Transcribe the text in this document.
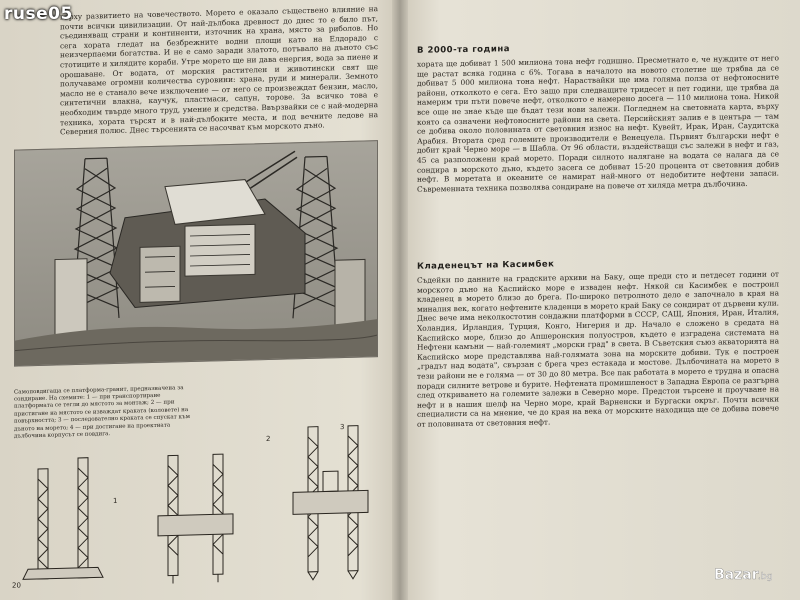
върху развитието на човечеството. Морето е оказало съществено влияние на почти всички цивилизации. От най-дълбока древност до днес то е било път, съединяващ страни и континенти, източник на храна, място за риболов. Но сега хората гледат на безбрежните водни площи като на Елдорадо с неизчерпаеми богатства. И не е само заради златото, потъвало на дъното със стотиците и хилядите кораби. Утре морето ще ни дава енергия, вода за пиене и орошаване. От водата, от морския растителен и животински свят ще получаваме огромни количества суровини: храна, руди и минерали. Земното масло не е станало вече изключение — от него се произвеждат бензин, масло, синтетични влакна, каучук, пластмаси, сапун, торове. За всичко това е необходим твърде много труд, умение и средства. Ввързвайки се с най-модерна техника, хората търсят и в най-дълбоките места, и под вечните ледове на Северния полюс. Днес търсенията се насочват към морското дъно.

Самоповдигаща се платформа-гранит, предназначена за сондиране. На схемите: 1 — при транспортиране платформата се тегли до мястото за монтаж; 2 — при пристигане на мястото се изваждат краката (коловете) на повърхността; 3 — последователно краката се спускат към дъното на морето; 4 — при достигане на проектната дълбочина корпусът се повдига.

1
2
3
20

В 2000-та година

хората ще добиват 1 500 милиона тона нефт годишно. Пресметнато е, че нуждите от него ще растат всяка година с 6%. Тогава в началото на новото столетие ще трябва да се добиват 5 000 милиона тона нефт. Нараствайки ще има голяма полза от нефтоносните райони, отколкото е сега. Ето защо при следващите тридесет и пет години, ще трябва да намерим три пъти повече нефт, отколкото е намерено досега — 110 милиона тона. Никой все още не знае къде ще бъдат тези нови залежи. Погледнем на световната карта, върху която са означени нефтоносните райони на света. Персийският залив е в центъра — там се добива около половината от световния износ на нефт. Кувейт, Ирак, Иран, Саудитска Арабия. Втората сред големите производители е Венецуела. Първият български нефт е добит край Черно море — в Шабла. От 96 области, въздействащи със залежи в нефт и газ, 45 са разположени край морето. Поради силното налягане на водата се налага да се сондира в морското дъно, където засега се добиват 15-20 процента от световния добив нефт. В моретата и океаните се намират най-много от недобитите нефтени запаси. Съвременната техника позволява сондиране на повече от хиляда метра дълбочина.

Кладенецът на Касимбек

Съдейки по данните на градските архиви на Баку, още преди сто и петдесет години от морското дъно на Каспийско море е изваден нефт. Някой си Касимбек е построил кладенец в морето близо до брега. По-широко петролното дело е започнало в края на миналия век, когато нефтените кладенци в морето край Баку се сондират от дървени кули. Днес вече има неколкостотин сондажни платформи в СССР, САЩ, Япония, Иран, Италия, Холандия, Ирландия, Турция, Конго, Нигерия и др. Начало е сложено в средата на Каспийско море, близо до Апшеронския полуостров, където е изградена системата на Нефтени камъни — най-големият „морски град" в света. В Съветския съюз акваторията на Каспийско море представлява най-голямата зона на морските добиви. Тук е построен „градът над водата", свързан с брега чрез естакада и мостове. Дълбочината на морето в тези райони не е голяма — от 30 до 80 метра. Все пак работата в морето е трудна и опасна поради силните ветрове и бурите. Нефтената промишленост в Западна Европа се разгърна след откриването на големите залежи в Северно море. Предстои търсене и проучване на нефт и в нашия шелф на Черно море, край Варненски и Бургаски окръг. Почти всички специалисти са на мнение, че до края на века от морските находища ще се добива повече от половината от световния нефт.

ruse05
Bazar .bg
